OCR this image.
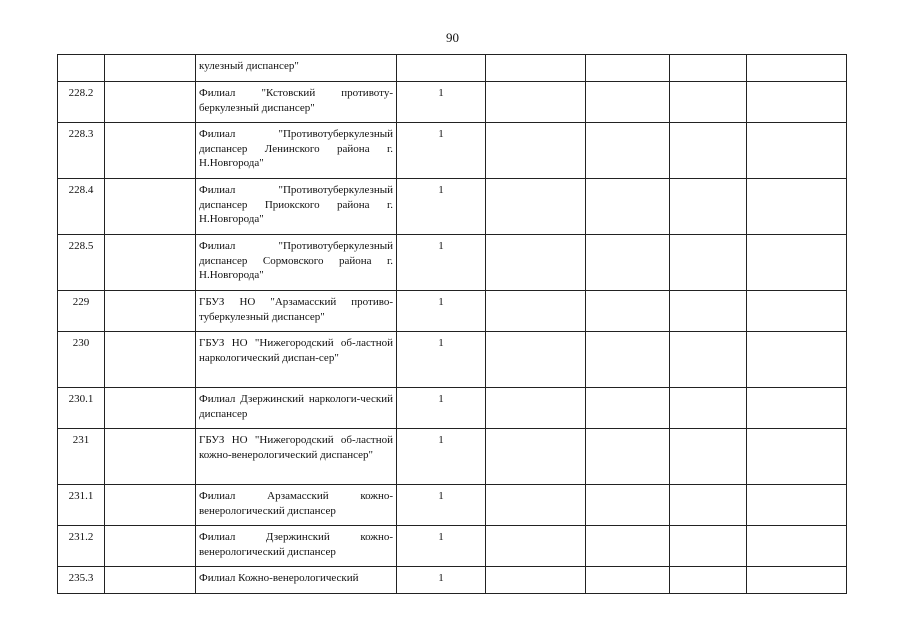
90
		кулезный диспансер"					
228.2		Филиал "Кстовский противоту-беркулезный диспансер"	1				
228.3		Филиал "Противотуберкулезный диспансер Ленинского района г. Н.Новгорода"	1				
228.4		Филиал "Противотуберкулезный диспансер Приокского района г. Н.Новгорода"	1				
228.5		Филиал "Противотуберкулезный диспансер Сормовского района г. Н.Новгорода"	1				
229		ГБУЗ НО "Арзамасский противо-туберкулезный диспансер"	1				
230		ГБУЗ НО "Нижегородский об-ластной наркологический диспан-сер"	1				
230.1		Филиал Дзержинский наркологи-ческий диспансер	1				
231		ГБУЗ НО "Нижегородский об-ластной кожно-венерологический диспансер"	1				
231.1		Филиал Арзамасский кожно-венерологический диспансер	1				
231.2		Филиал Дзержинский кожно-венерологический диспансер	1				
235.3		Филиал Кожно-венерологический	1				
